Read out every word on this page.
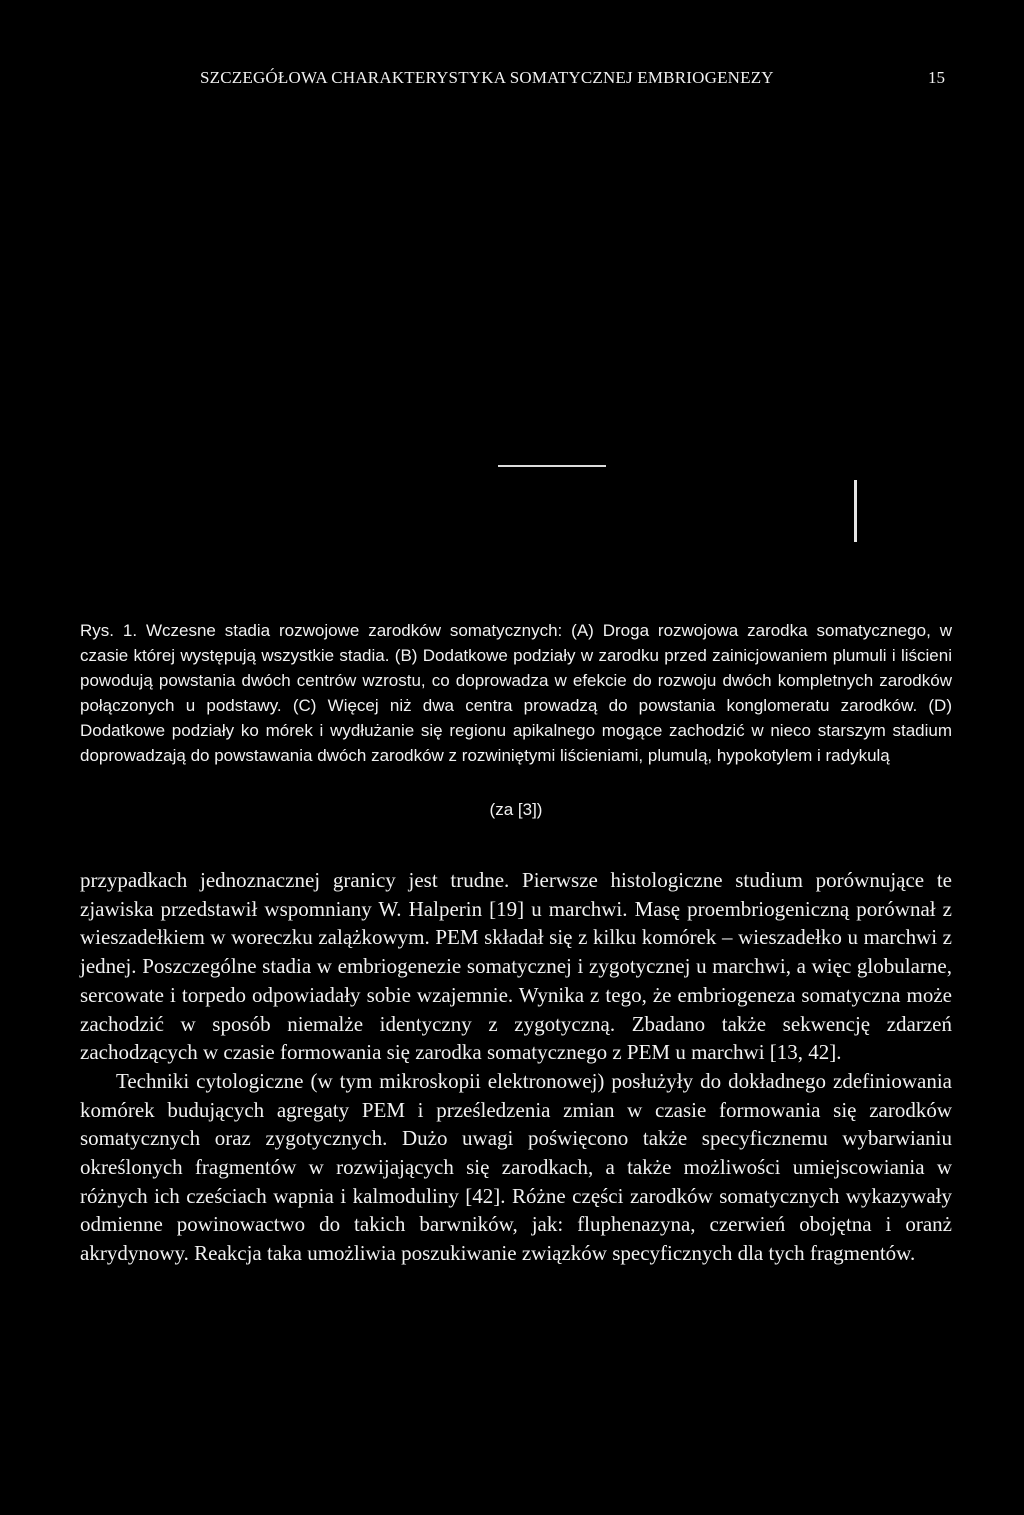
SZCZEGÓŁOWA CHARAKTERYSTYKA SOMATYCZNEJ EMBRIOGENEZY	15
Rys. 1. Wczesne stadia rozwojowe zarodków somatycznych: (A) Droga rozwojowa zarodka somatycznego, w czasie której występują wszystkie stadia. (B) Dodatkowe podziały w zarodku przed zainicjowaniem plumuli i liścieni powodują powstania dwóch centrów wzrostu, co doprowadza w efekcie do rozwoju dwóch kompletnych zarodków połączonych u podstawy. (C) Więcej niż dwa centra prowadzą do powstania konglomeratu zarodków. (D) Dodatkowe podziały ko mórek i wydłużanie się regionu apikalnego mogące zachodzić w nieco starszym stadium doprowadzają do powstawania dwóch zarodków z rozwiniętymi liścieniami, plumulą, hypokotylem i radykulą
(za [3])

przypadkach jednoznacznej granicy jest trudne. Pierwsze histologiczne studium porównujące te zjawiska przedstawił wspomniany W. Halperin [19] u marchwi. Masę proembriogeniczną porównał z wieszadełkiem w woreczku zalążkowym. PEM składał się z kilku komórek – wieszadełko u marchwi z jednej. Poszczególne stadia w embriogenezie somatycznej i zygotycznej u marchwi, a więc globularne, sercowate i torpedo odpowiadały sobie wzajemnie. Wynika z tego, że embriogeneza somatyczna może zachodzić w sposób niemalże identyczny z zygotyczną. Zbadano także sekwencję zdarzeń zachodzących w czasie formowania się zarodka somatycznego z PEM u marchwi [13, 42].

Techniki cytologiczne (w tym mikroskopii elektronowej) posłużyły do dokładnego zdefiniowania komórek budujących agregaty PEM i prześledzenia zmian w czasie formowania się zarodków somatycznych oraz zygotycznych. Dużo uwagi poświęcono także specyficznemu wybarwianiu określonych fragmentów w rozwijających się zarodkach, a także możliwości umiejscowiania w różnych ich cześciach wapnia i kalmoduliny [42]. Różne części zarodków somatycznych wykazywały odmienne powinowactwo do takich barwników, jak: fluphenazyna, czerwień obojętna i oranż akrydynowy. Reakcja taka umożliwia poszukiwanie związków specyficznych dla tych fragmentów.
